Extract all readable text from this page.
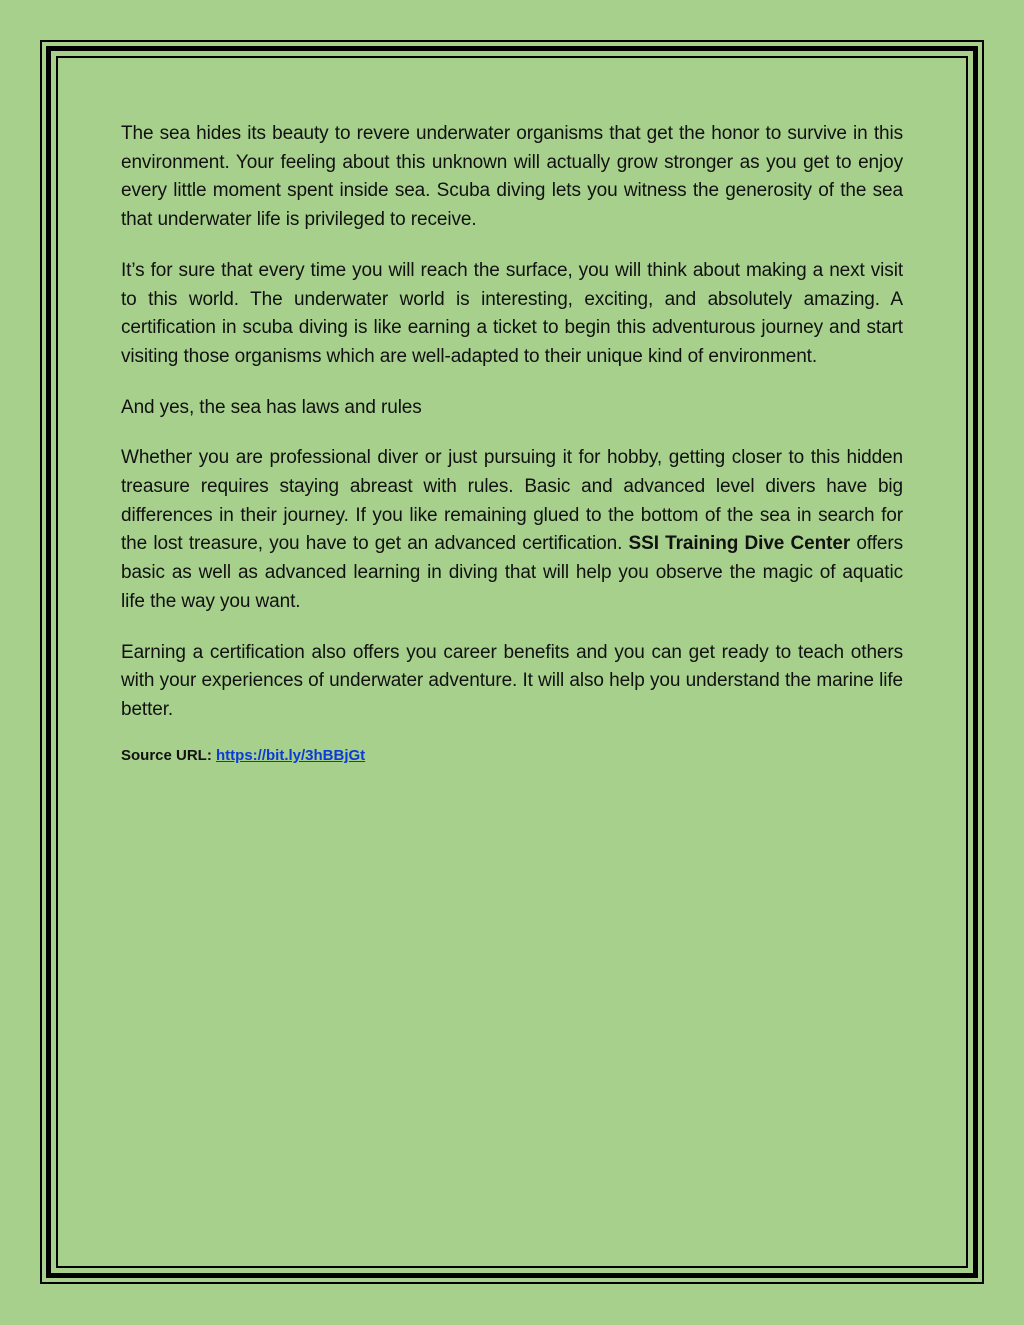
The sea hides its beauty to revere underwater organisms that get the honor to survive in this environment. Your feeling about this unknown will actually grow stronger as you get to enjoy every little moment spent inside sea. Scuba diving lets you witness the generosity of the sea that underwater life is privileged to receive.

It’s for sure that every time you will reach the surface, you will think about making a next visit to this world. The underwater world is interesting, exciting, and absolutely amazing. A certification in scuba diving is like earning a ticket to begin this adventurous journey and start visiting those organisms which are well-adapted to their unique kind of environment.

And yes, the sea has laws and rules

Whether you are professional diver or just pursuing it for hobby, getting closer to this hidden treasure requires staying abreast with rules. Basic and advanced level divers have big differences in their journey. If you like remaining glued to the bottom of the sea in search for the lost treasure, you have to get an advanced certification. SSI Training Dive Center offers basic as well as advanced learning in diving that will help you observe the magic of aquatic life the way you want.

Earning a certification also offers you career benefits and you can get ready to teach others with your experiences of underwater adventure. It will also help you understand the marine life better.

Source URL: https://bit.ly/3hBBjGt
